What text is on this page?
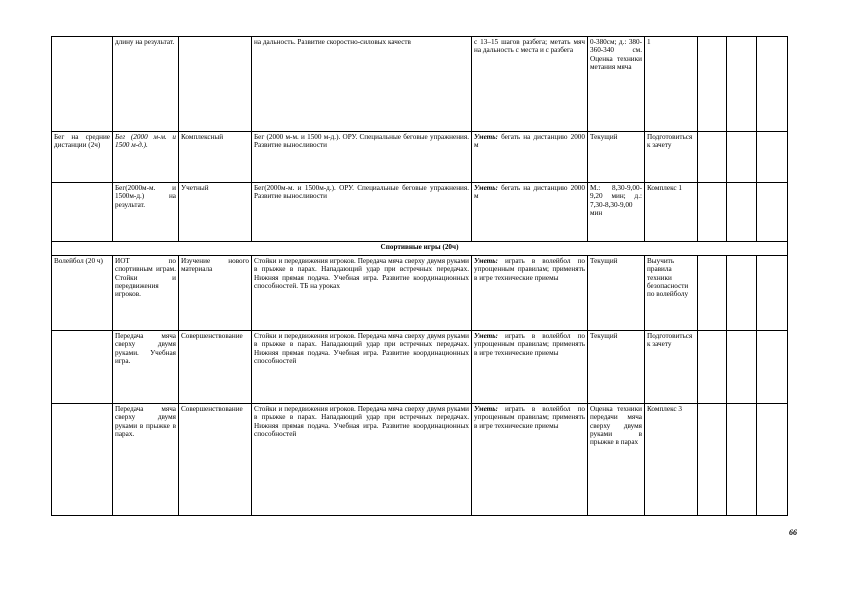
	длину на результат.		на дальность. Развитие скоростно-силовых качеств	с 13–15 шагов разбега; метать мяч на дальность с места и с разбега	0-380см; д.: 380-360-340 см. Оценка техники метания мяча	1			
Бег на средние дистанции (2ч)	Бег (2000 м-м. и 1500 м-д.).	Комплексный	Бег (2000 м-м. и 1500 м-д.). ОРУ. Специальные беговые упражнения. Развитие выносливости	Уметь: бегать на дистанцию 2000 м	Текущий	Подготовиться к зачету			
	Бег(2000м-м. и 1500м-д.) на результат.	Учетный	Бег(2000м-м. и 1500м-д.). ОРУ. Специальные беговые упражнения. Развитие выносливости	Уметь: бегать на дистанцию 2000 м	М.: 8,30-9,00-9,20 мин; д.: 7,30-8,30-9,00 мин	Комплекс 1			
Спортивные игры (20ч)									
Волейбол (20 ч)	ИОТ по спортивным играм. Стойки и передвижения игроков.	Изучение нового материала	Стойки и передвижения игроков. Передача мяча сверху двумя руками в прыжке в парах. Нападающий удар при встречных передачах. Нижняя прямая подача. Учебная игра. Развитие координационных способностей. ТБ на уроках	Уметь: играть в волейбол по упрощенным правилам; применять в игре технические приемы	Текущий	Выучить правила техники безопасности по волейболу			
	Передача мяча сверху двумя руками. Учебная игра.	Совершенствование	Стойки и передвижения игроков. Передача мяча сверху двумя руками в прыжке в парах. Нападающий удар при встречных передачах. Нижняя прямая подача. Учебная игра. Развитие координационных способностей	Уметь: играть в волейбол по упрощенным правилам; применять в игре технические приемы	Текущий	Подготовиться к зачету			
	Передача мяча сверху двумя руками в прыжке в парах.	Совершенствование	Стойки и передвижения игроков. Передача мяча сверху двумя руками в прыжке в парах. Нападающий удар при встречных передачах. Нижняя прямая подача. Учебная игра. Развитие координационных способностей	Уметь: играть в волейбол по упрощенным правилам; применять в игре технические приемы	Оценка техники передачи мяча сверху двумя руками в прыжке в парах	Комплекс 3			
66
